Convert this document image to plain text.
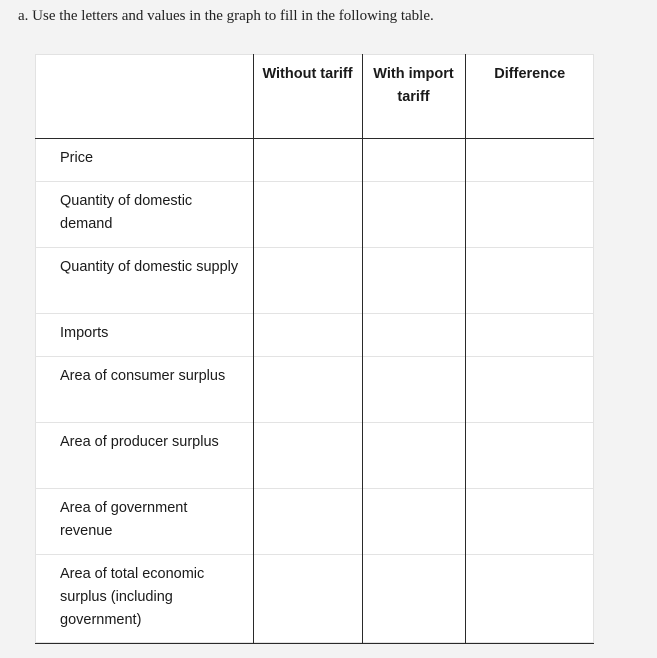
a. Use the letters and values in the graph to fill in the following table.
	Without tariff	With import tariff	Difference
Price			
Quantity of domestic demand			
Quantity of domestic supply			
Imports			
Area of consumer surplus			
Area of producer surplus			
Area of government revenue			
Area of total economic surplus (including government)			
